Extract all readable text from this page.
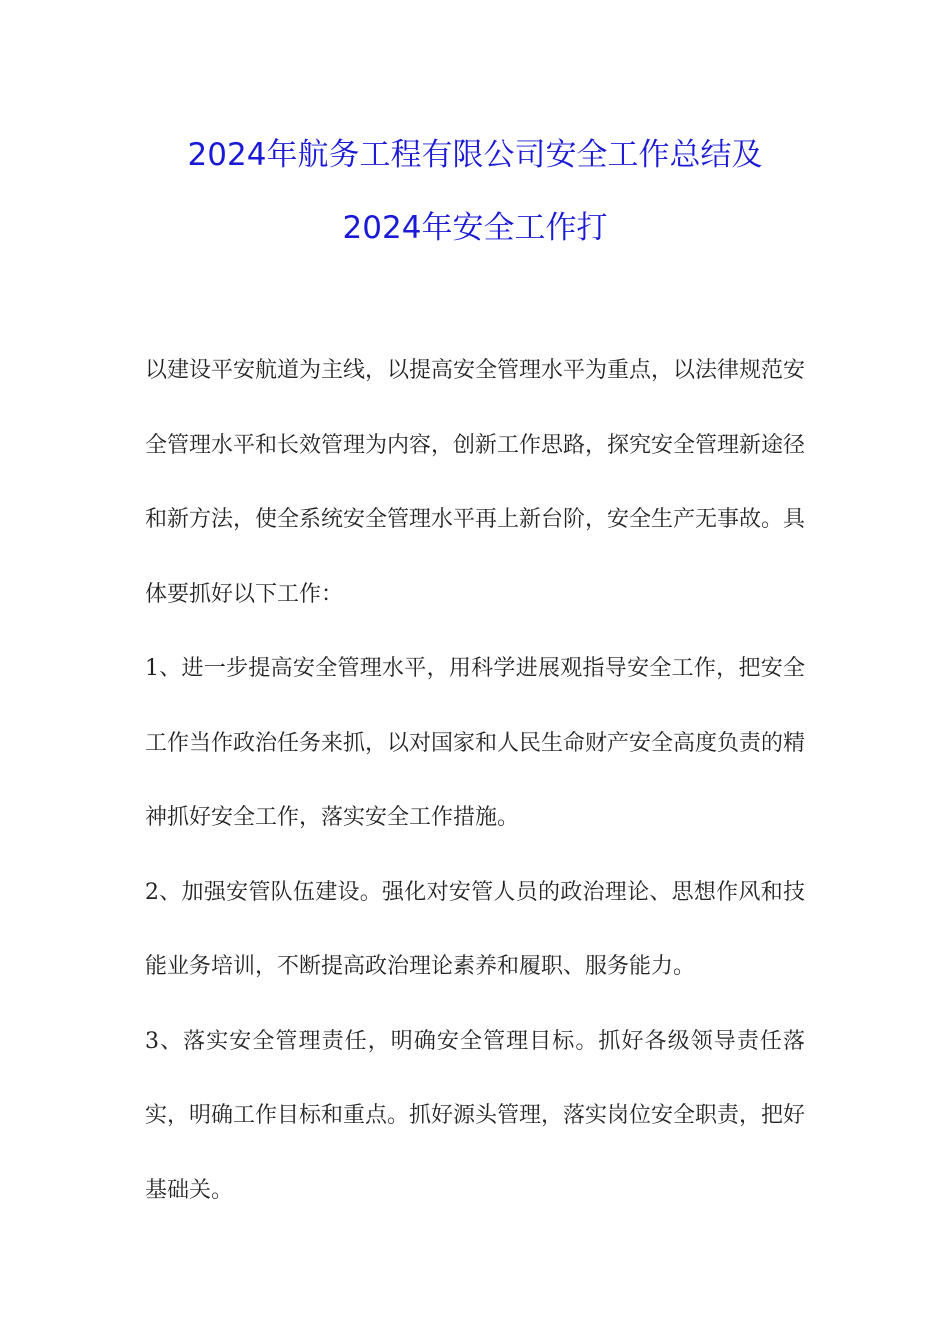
2024年航务工程有限公司安全工作总结及
2024年安全工作打

以建设平安航道为主线，以提高安全管理水平为重点，以法律规范安全管理水平和长效管理为内容，创新工作思路，探究安全管理新途径和新方法，使全系统安全管理水平再上新台阶，安全生产无事故。具体要抓好以下工作：

1、进一步提高安全管理水平，用科学进展观指导安全工作，把安全工作当作政治任务来抓，以对国家和人民生命财产安全高度负责的精神抓好安全工作，落实安全工作措施。

2、加强安管队伍建设。强化对安管人员的政治理论、思想作风和技能业务培训，不断提高政治理论素养和履职、服务能力。

3、落实安全管理责任，明确安全管理目标。抓好各级领导责任落实，明确工作目标和重点。抓好源头管理，落实岗位安全职责，把好基础关。
